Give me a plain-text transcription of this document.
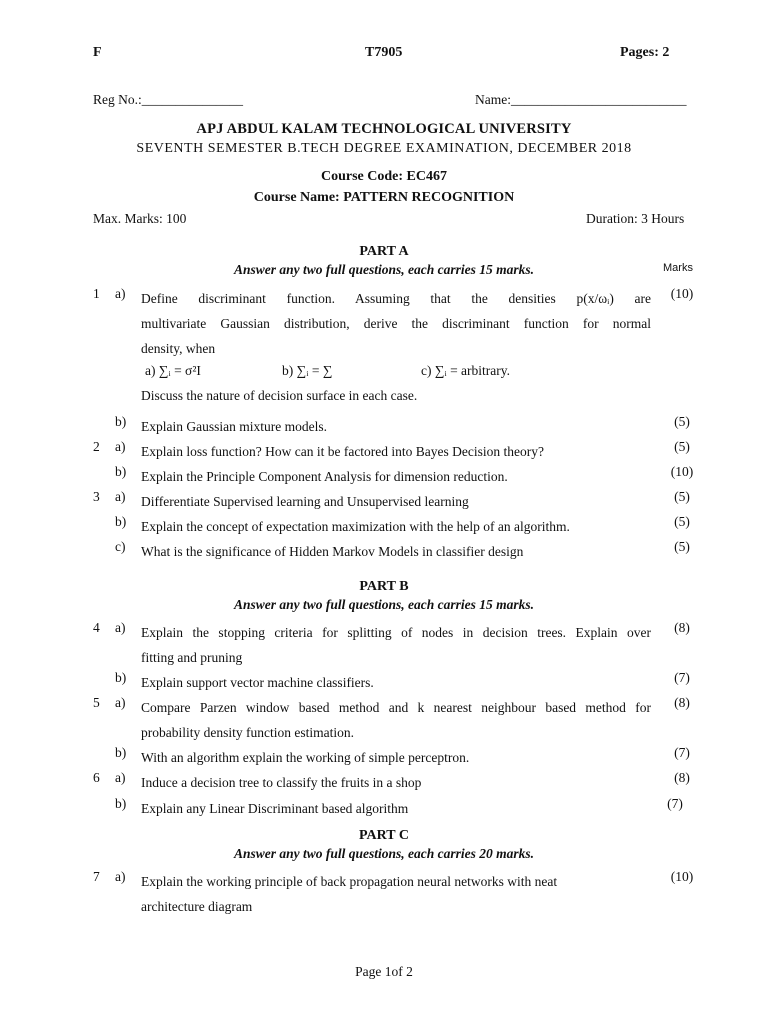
F	T7905	Pages: 2
Reg No.:_______________	Name:__________________________
APJ ABDUL KALAM TECHNOLOGICAL UNIVERSITY
SEVENTH SEMESTER B.TECH DEGREE EXAMINATION, DECEMBER 2018
Course Code: EC467
Course Name: PATTERN RECOGNITION
Max. Marks: 100	Duration: 3 Hours
PART A
Answer any two full questions, each carries 15 marks.	Marks
1 a) Define discriminant function. Assuming that the densities p(x/ωᵢ) are
multivariate Gaussian distribution, derive the discriminant function for normal
density, when
(10)
a) ∑ᵢ = σ²I	b) ∑ᵢ = ∑	c) ∑ᵢ = arbitrary.
Discuss the nature of decision surface in each case.
b) Explain Gaussian mixture models.	(5)
2 a) Explain loss function? How can it be factored into Bayes Decision theory?	(5)
b) Explain the Principle Component Analysis for dimension reduction.	(10)
3 a) Differentiate Supervised learning and Unsupervised learning	(5)
b) Explain the concept of expectation maximization with the help of an algorithm.	(5)
c) What is the significance of Hidden Markov Models in classifier design	(5)
PART B
Answer any two full questions, each carries 15 marks.
4 a) Explain the stopping criteria for splitting of nodes in decision trees. Explain over
fitting and pruning
(8)
b) Explain support vector machine classifiers.	(7)
5 a) Compare Parzen window based method and k nearest neighbour based method for
probability density function estimation.
(8)
b) With an algorithm explain the working of simple perceptron.	(7)
6 a) Induce a decision tree to classify the fruits in a shop	(8)
b) Explain any Linear Discriminant based algorithm	(7)
PART C
Answer any two full questions, each carries 20 marks.
7 a) Explain the working principle of back propagation neural networks with neat
architecture diagram
(10)
Page 1of 2
